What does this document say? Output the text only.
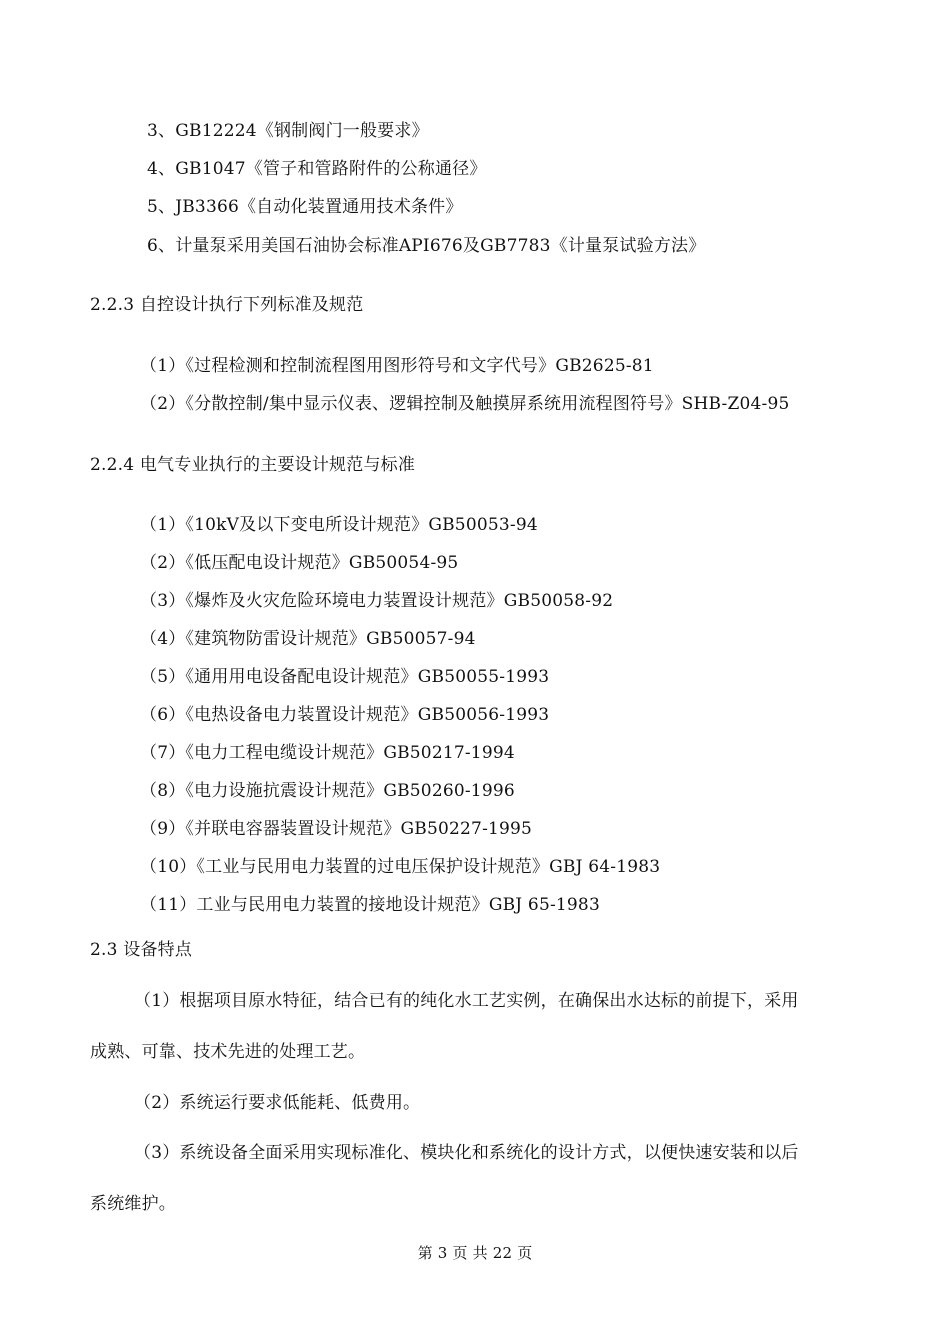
3、GB12224《钢制阀门一般要求》
4、GB1047《管子和管路附件的公称通径》
5、JB3366《自动化装置通用技术条件》
6、计量泵采用美国石油协会标准API676及GB7783《计量泵试验方法》
2.2.3 自控设计执行下列标准及规范
（1）《过程检测和控制流程图用图形符号和文字代号》GB2625-81
（2）《分散控制/集中显示仪表、逻辑控制及触摸屏系统用流程图符号》SHB-Z04-95
2.2.4 电气专业执行的主要设计规范与标准
（1）《10kV及以下变电所设计规范》GB50053-94
（2）《低压配电设计规范》GB50054-95
（3）《爆炸及火灾危险环境电力装置设计规范》GB50058-92
（4）《建筑物防雷设计规范》GB50057-94
（5）《通用用电设备配电设计规范》GB50055-1993
（6）《电热设备电力装置设计规范》GB50056-1993
（7）《电力工程电缆设计规范》GB50217-1994
（8）《电力设施抗震设计规范》GB50260-1996
（9）《并联电容器装置设计规范》GB50227-1995
（10）《工业与民用电力装置的过电压保护设计规范》GBJ 64-1983
（11）工业与民用电力装置的接地设计规范》GBJ 65-1983
2.3 设备特点
（1）根据项目原水特征，结合已有的纯化水工艺实例，在确保出水达标的前提下，采用
成熟、可靠、技术先进的处理工艺。
（2）系统运行要求低能耗、低费用。
（3）系统设备全面采用实现标准化、模块化和系统化的设计方式，以便快速安装和以后
系统维护。
第 3 页 共 22 页
